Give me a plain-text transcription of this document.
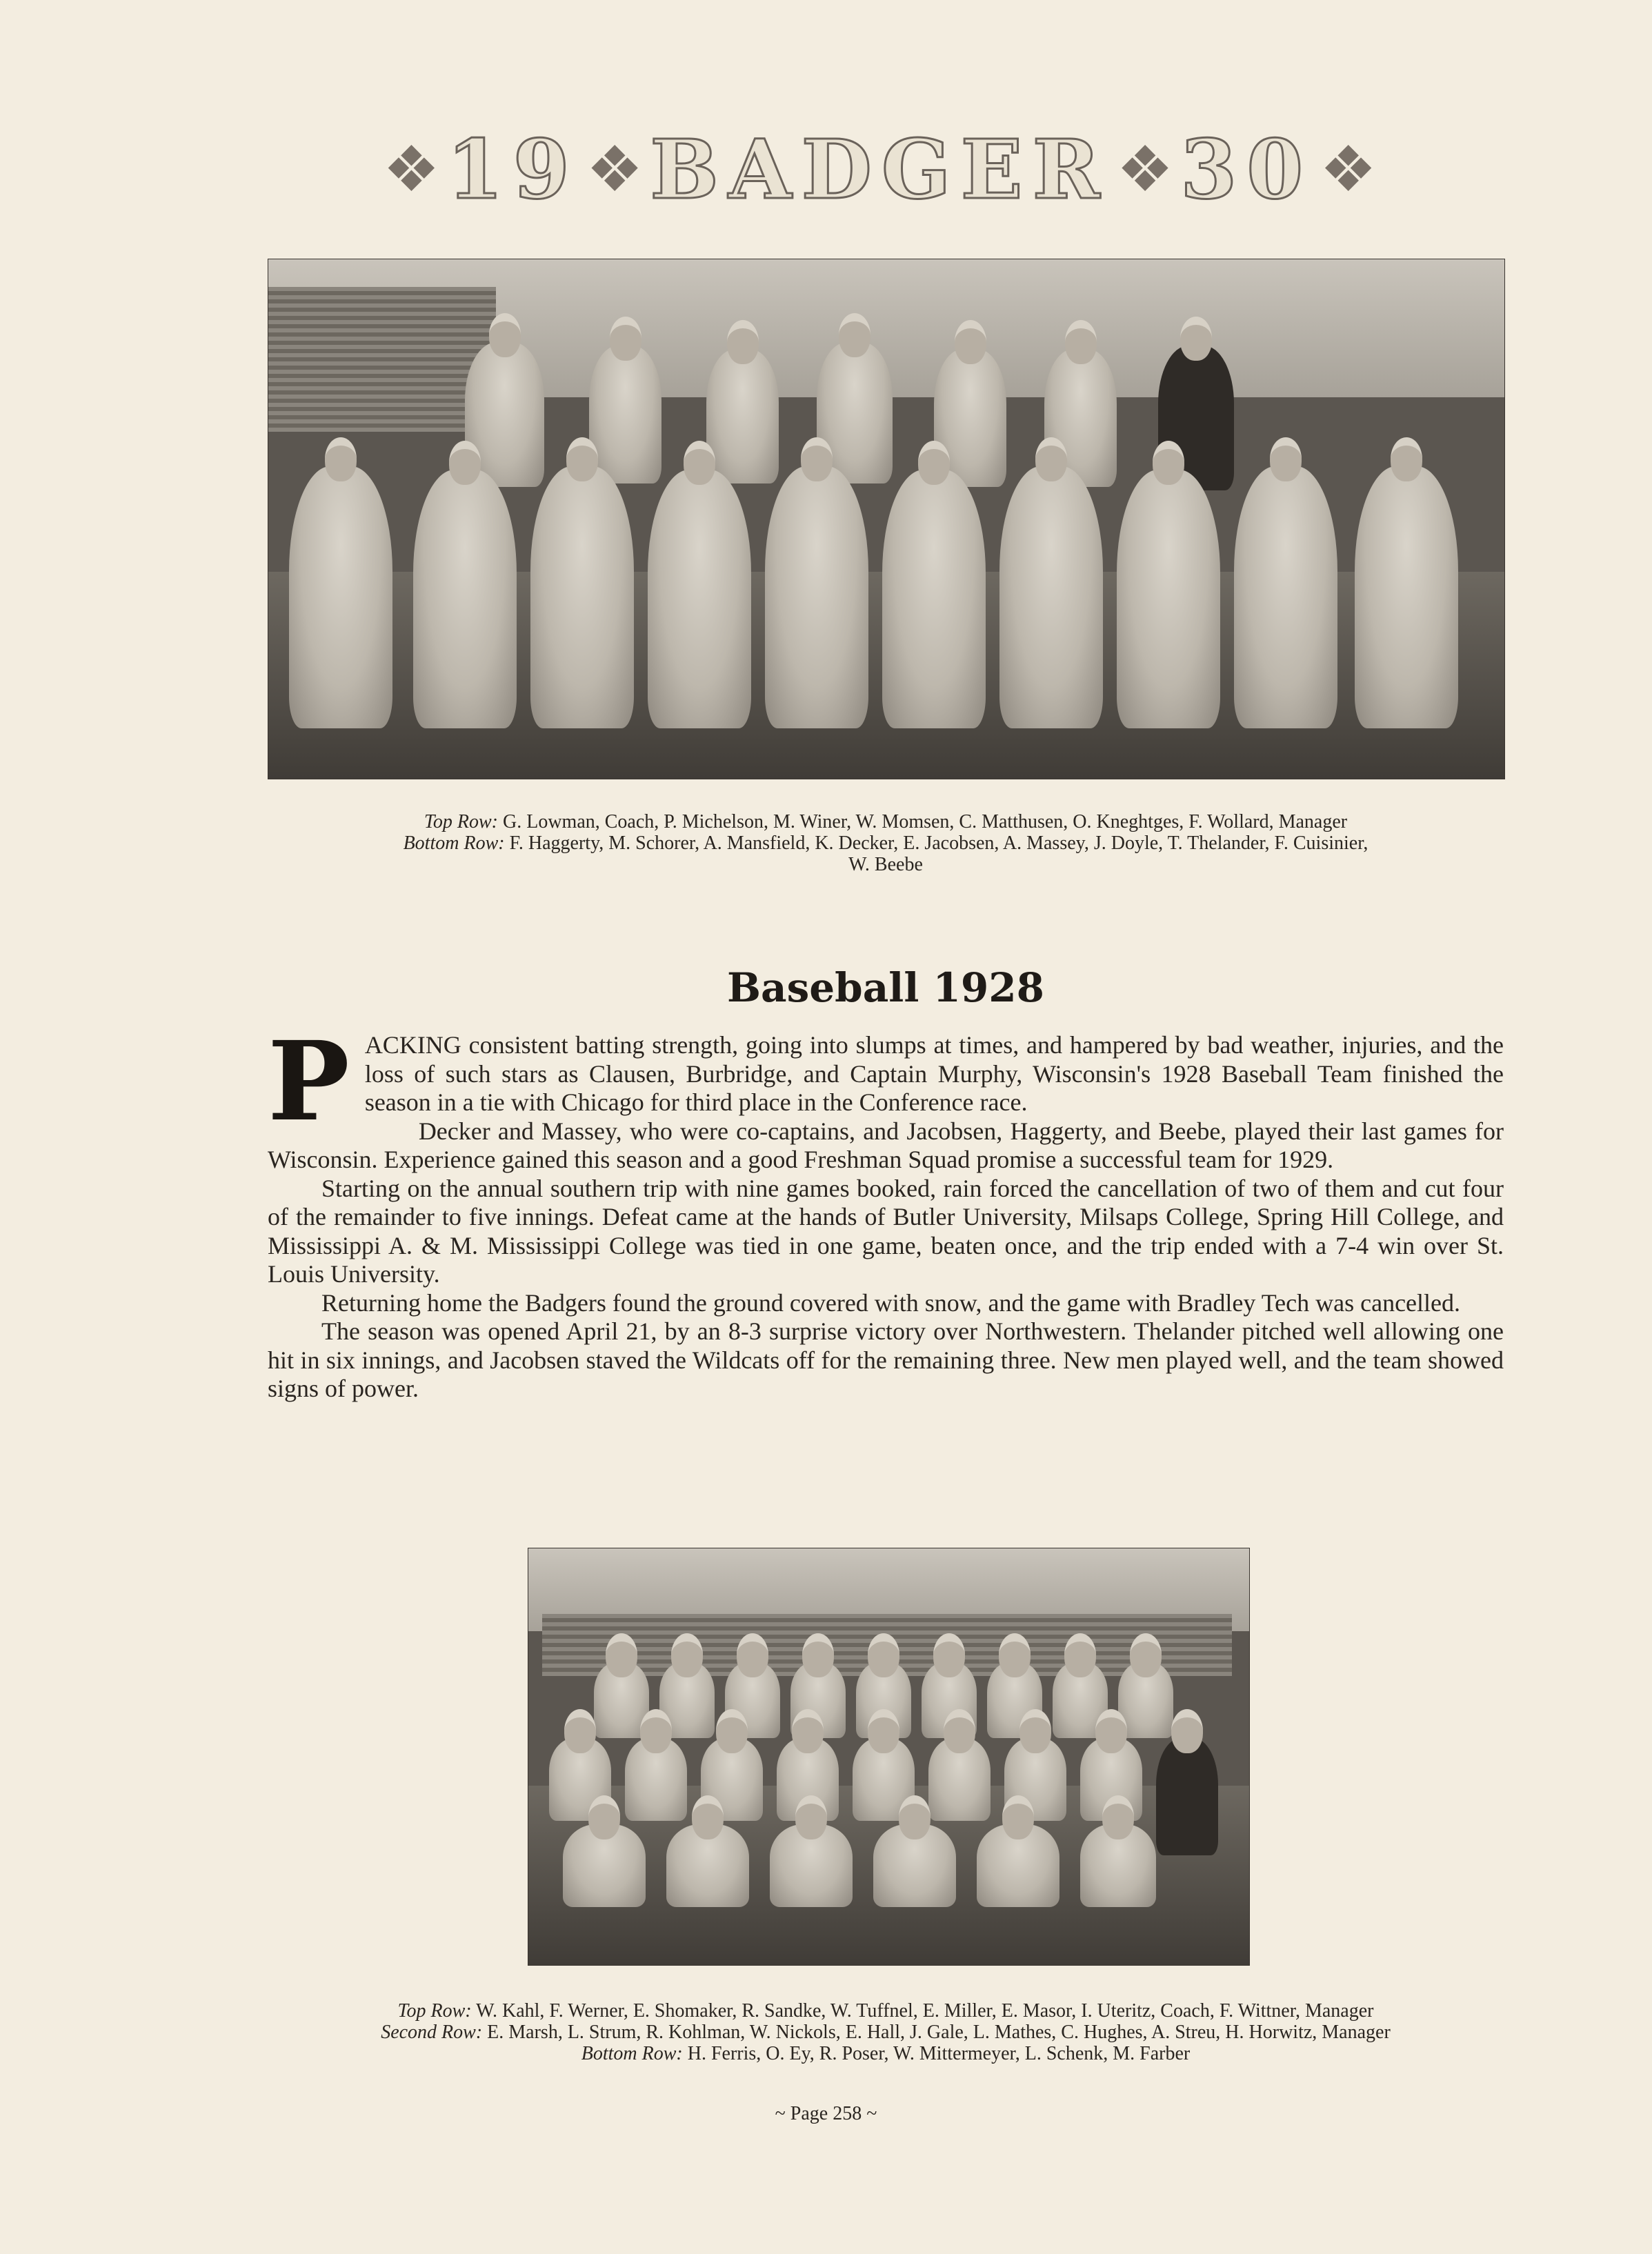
❖ 19 ❖ BADGER ❖ 30 ❖
Top Row: G. Lowman, Coach, P. Michelson, M. Winer, W. Momsen, C. Matthusen, O. Kneghtges, F. Wollard, Manager
Bottom Row: F. Haggerty, M. Schorer, A. Mansfield, K. Decker, E. Jacobsen, A. Massey, J. Doyle, T. Thelander, F. Cuisinier,
W. Beebe
Baseball 1928

P ACKING consistent batting strength, going into slumps at times, and hampered by bad weather, injuries, and the loss of such stars as Clausen, Burbridge, and Captain Murphy, Wisconsin's 1928 Baseball Team finished the season in a tie with Chicago for third place in the Conference race.

Decker and Massey, who were co-captains, and Jacobsen, Haggerty, and Beebe, played their last games for Wisconsin. Experience gained this season and a good Freshman Squad promise a successful team for 1929.

Starting on the annual southern trip with nine games booked, rain forced the cancellation of two of them and cut four of the remainder to five innings. Defeat came at the hands of Butler University, Milsaps College, Spring Hill College, and Mississippi A. & M. Mississippi College was tied in one game, beaten once, and the trip ended with a 7-4 win over St. Louis University.

Returning home the Badgers found the ground covered with snow, and the game with Bradley Tech was cancelled.

The season was opened April 21, by an 8-3 surprise victory over Northwestern. Thelander pitched well allowing one hit in six innings, and Jacobsen staved the Wildcats off for the remaining three. New men played well, and the team showed signs of power.

Top Row: W. Kahl, F. Werner, E. Shomaker, R. Sandke, W. Tuffnel, E. Miller, E. Masor, I. Uteritz, Coach, F. Wittner, Manager
Second Row: E. Marsh, L. Strum, R. Kohlman, W. Nickols, E. Hall, J. Gale, L. Mathes, C. Hughes, A. Streu, H. Horwitz, Manager
Bottom Row: H. Ferris, O. Ey, R. Poser, W. Mittermeyer, L. Schenk, M. Farber
~ Page 258 ~
